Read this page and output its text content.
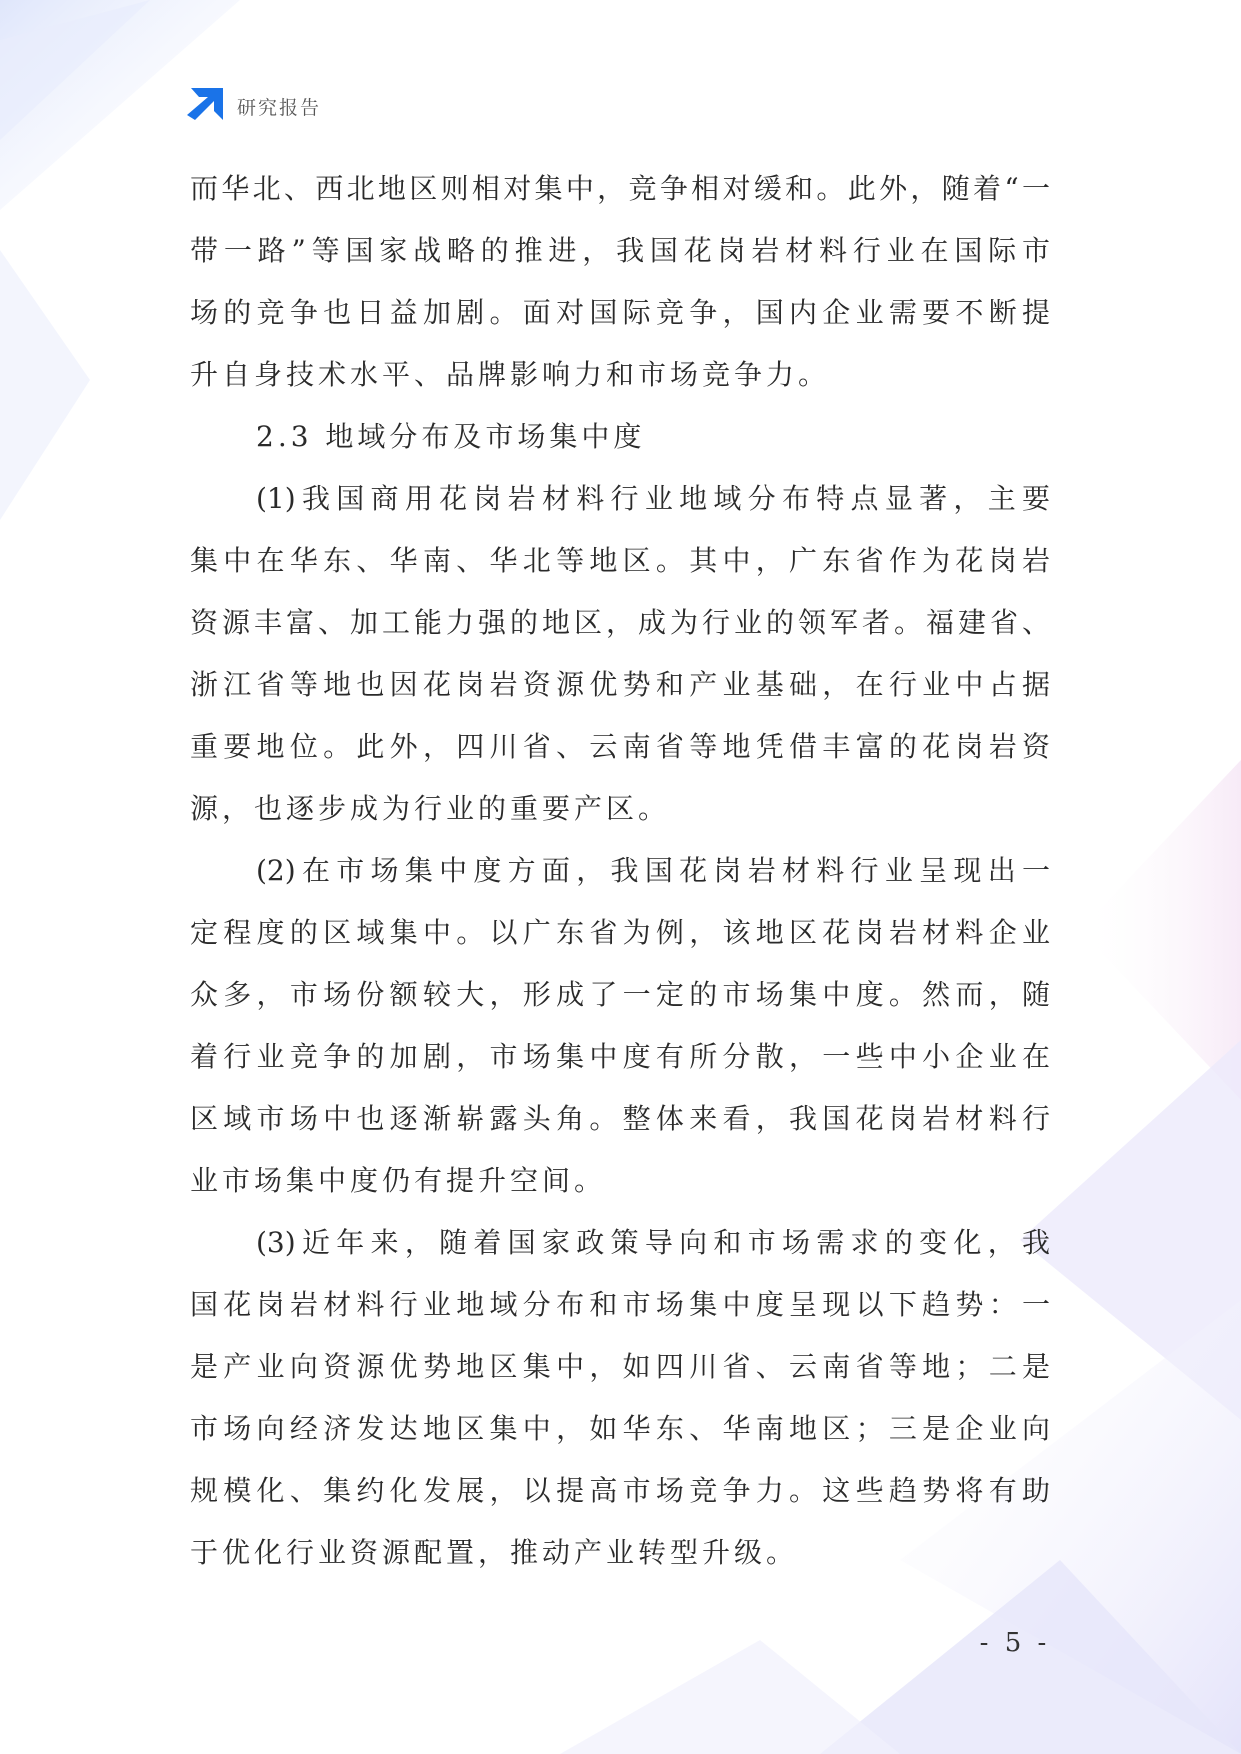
研究报告
而华北、西北地区则相对集中，竞争相对缓和。此外，随着“一
带一路”等国家战略的推进，我国花岗岩材料行业在国际市
场的竞争也日益加剧。面对国际竞争，国内企业需要不断提
升自身技术水平、品牌影响力和市场竞争力。
2.3 地域分布及市场集中度
(1)我国商用花岗岩材料行业地域分布特点显著，主要
集中在华东、华南、华北等地区。其中，广东省作为花岗岩
资源丰富、加工能力强的地区，成为行业的领军者。福建省、
浙江省等地也因花岗岩资源优势和产业基础，在行业中占据
重要地位。此外，四川省、云南省等地凭借丰富的花岗岩资
源，也逐步成为行业的重要产区。
(2)在市场集中度方面，我国花岗岩材料行业呈现出一
定程度的区域集中。以广东省为例，该地区花岗岩材料企业
众多，市场份额较大，形成了一定的市场集中度。然而，随
着行业竞争的加剧，市场集中度有所分散，一些中小企业在
区域市场中也逐渐崭露头角。整体来看，我国花岗岩材料行
业市场集中度仍有提升空间。
(3)近年来，随着国家政策导向和市场需求的变化，我
国花岗岩材料行业地域分布和市场集中度呈现以下趋势：一
是产业向资源优势地区集中，如四川省、云南省等地；二是
市场向经济发达地区集中，如华东、华南地区；三是企业向
规模化、集约化发展，以提高市场竞争力。这些趋势将有助
于优化行业资源配置，推动产业转型升级。
- 5 -
